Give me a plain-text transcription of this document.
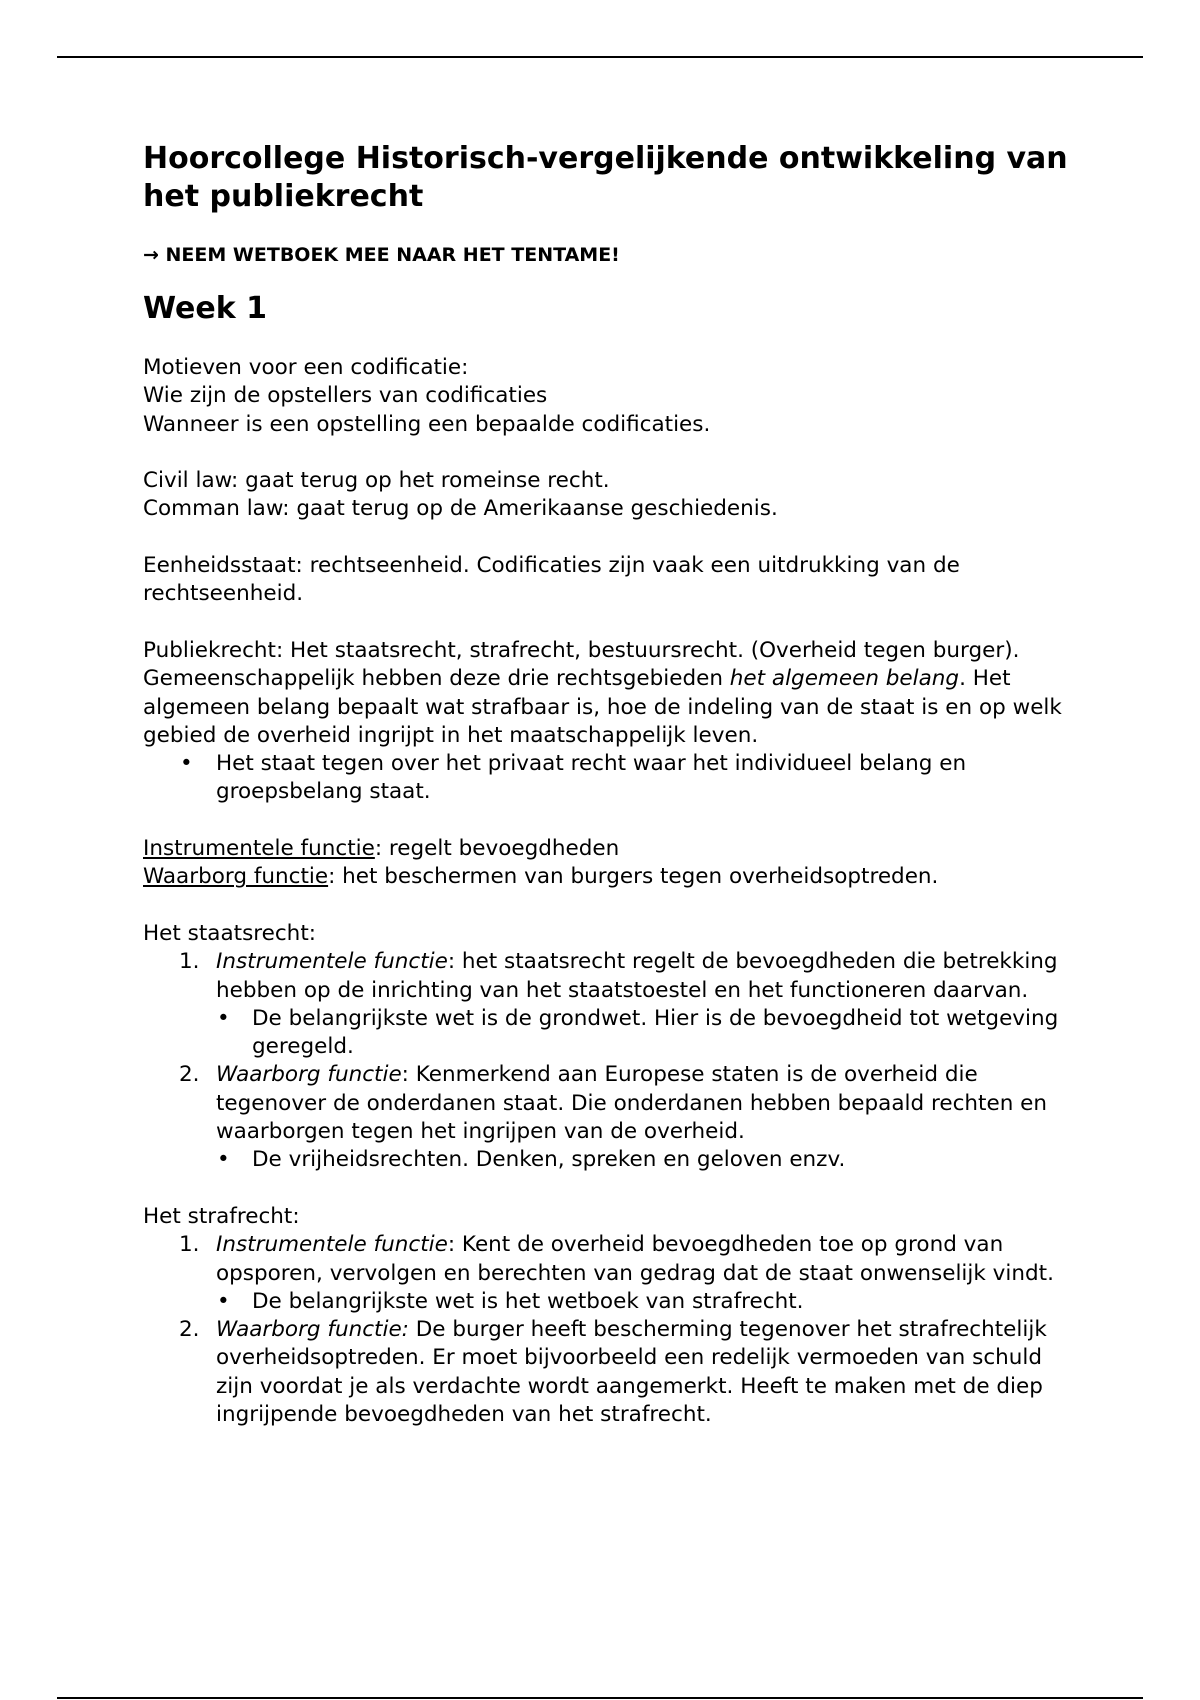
Hoorcollege Historisch-vergelijkende ontwikkeling van het publiekrecht

→ NEEM WETBOEK MEE NAAR HET TENTAME!

Week 1

Motieven voor een codificatie:

Wie zijn de opstellers van codificaties

Wanneer is een opstelling een bepaalde codificaties.

Civil law: gaat terug op het romeinse recht.

Comman law: gaat terug op de Amerikaanse geschiedenis.

Eenheidsstaat: rechtseenheid. Codificaties zijn vaak een uitdrukking van de rechtseenheid.

Publiekrecht: Het staatsrecht, strafrecht, bestuursrecht. (Overheid tegen burger). Gemeenschappelijk hebben deze drie rechtsgebieden het algemeen belang. Het algemeen belang bepaalt wat strafbaar is, hoe de indeling van de staat is en op welk gebied de overheid ingrijpt in het maatschappelijk leven.

• Het staat tegen over het privaat recht waar het individueel belang en groepsbelang staat.

Instrumentele functie: regelt bevoegdheden

Waarborg functie: het beschermen van burgers tegen overheidsoptreden.

Het staatsrecht:

1. Instrumentele functie: het staatsrecht regelt de bevoegdheden die betrekking hebben op de inrichting van het staatstoestel en het functioneren daarvan.
• De belangrijkste wet is de grondwet. Hier is de bevoegdheid tot wetgeving geregeld.
2. Waarborg functie: Kenmerkend aan Europese staten is de overheid die tegenover de onderdanen staat. Die onderdanen hebben bepaald rechten en waarborgen tegen het ingrijpen van de overheid.
• De vrijheidsrechten. Denken, spreken en geloven enzv.

Het strafrecht:

1. Instrumentele functie: Kent de overheid bevoegdheden toe op grond van opsporen, vervolgen en berechten van gedrag dat de staat onwenselijk vindt.
• De belangrijkste wet is het wetboek van strafrecht.
2. Waarborg functie: De burger heeft bescherming tegenover het strafrechtelijk overheidsoptreden. Er moet bijvoorbeeld een redelijk vermoeden van schuld zijn voordat je als verdachte wordt aangemerkt. Heeft te maken met de diep ingrijpende bevoegdheden van het strafrecht.
